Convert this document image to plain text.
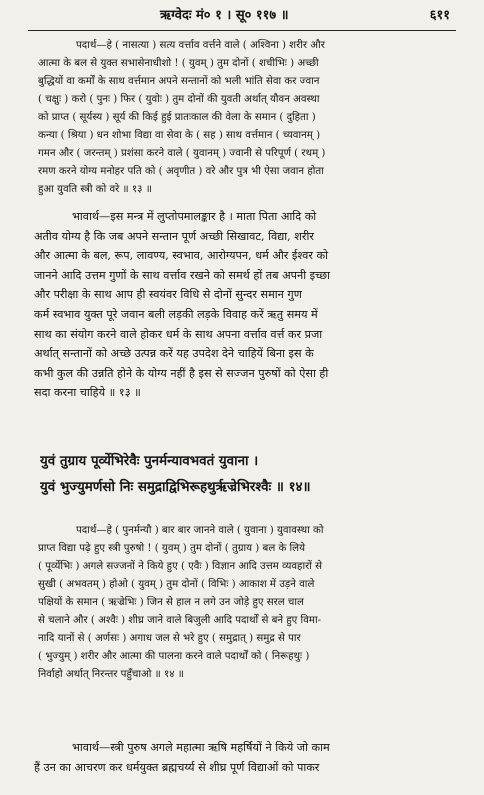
ऋग्वेदः मं० १ । सू० ११७ ॥	६११
पदार्थ—हे ( नासत्या ) सत्य वर्त्ताव वर्त्तने वाले ( अश्विना ) शरीर और
आत्मा के बल से युक्त सभासेनाधीशो ! ( युवम् ) तुम दोनों ( शचीभिः ) अच्छी
बुद्धियों वा कर्मों के साथ वर्त्तमान अपने सन्तानों को भली भांति सेवा कर ज्वान
( चक्षुः ) करो ( पुनः ) फिर ( युवोः ) तुम दोनों की युवती अर्थात् यौवन अवस्था
को प्राप्त ( सूर्यस्य ) सूर्य की किई हुई प्रातःकाल की वेला के समान ( दुहिता )
कन्या ( श्रिया ) धन शोभा विद्या वा सेवा के ( सह ) साथ वर्त्तमान ( च्यवानम् )
गमन और ( जरन्तम् ) प्रशंसा करने वाले ( युवानम् ) ज्वानी से परिपूर्ण ( रथम् )
रमण करने योग्य मनोहर पति को ( अवृणीत ) वरे और पुत्र भी ऐसा जवान होता
हुआ युवति स्त्री को वरे ॥ १३ ॥
भावार्थ—इस मन्त्र में लुप्तोपमालङ्कार है । माता पिता आदि को
अतीव योग्य है कि जब अपने सन्तान पूर्ण अच्छी सिखावट, विद्या, शरीर
और आत्मा के बल, रूप, लावण्य, स्वभाव, आरोग्यपन, धर्म और ईश्वर को
जानने आदि उत्तम गुणों के साथ वर्त्ताव रखने को समर्थ हों तब अपनी इच्छा
और परीक्षा के साथ आप ही स्वयंवर विधि से दोनों सुन्दर समान गुण
कर्म स्वभाव युक्त पूरे जवान बली लड़की लड़के विवाह करें ऋतु समय में
साथ का संयोग करने वाले होकर धर्म के साथ अपना वर्त्ताव वर्त्त कर प्रजा
अर्थात् सन्तानों को अच्छे उत्पन्न करें यह उपदेश देने चाहियें बिना इस के
कभी कुल की उन्नति होने के योग्य नहीं है इस से सज्जन पुरुषों को ऐसा ही
सदा करना चाहिये ॥ १३ ॥
युवं तुग्राय पूर्व्येभिरेवैः पुनर्मन्यावभवतं युवाना ।
युवं भुज्युमर्णसो निः समुद्राद्विभिरूहथुर्ऋज्रेभिरश्वैः ॥ १४॥
पदार्थ—हे ( पुनर्मन्यौ ) बार बार जानने वाले ( युवाना ) युवावस्था को
प्राप्त विद्या पढ़े हुए स्त्री पुरुषो ! ( युवम् ) तुम दोनों ( तुग्राय ) बल के लिये
( पूर्व्येभिः ) अगले सज्जनों ने किये हुए ( एवैः ) विज्ञान आदि उत्तम व्यवहारों से
सुखी ( अभवतम् ) होओ ( युवम् ) तुम दोनों ( विभिः ) आकाश में उड़ने वाले
पक्षियों के समान ( ऋज्रेभिः ) जिन से हाल न लगे उन जोड़े हुए सरल चाल
से चलाने और ( अश्वैः ) शीघ्र जाने वाले बिजुली आदि पदार्थों से बने हुए विमा-
नादि यानों से ( अर्णसः ) अगाध जल से भरे हुए ( समुद्रात् ) समुद्र से पार
( भुज्युम् ) शरीर और आत्मा की पालना करने वाले पदार्थों को ( निरूहथुः )
निर्वाहो अर्थात् निरन्तर पहुँचाओ ॥ १४ ॥
भावार्थ—स्त्री पुरुष अगले महात्मा ऋषि महर्षियों ने किये जो काम
हैं उन का आचरण कर धर्मयुक्त ब्रह्मचर्य्य से शीघ्र पूर्ण विद्याओं को पाकर
